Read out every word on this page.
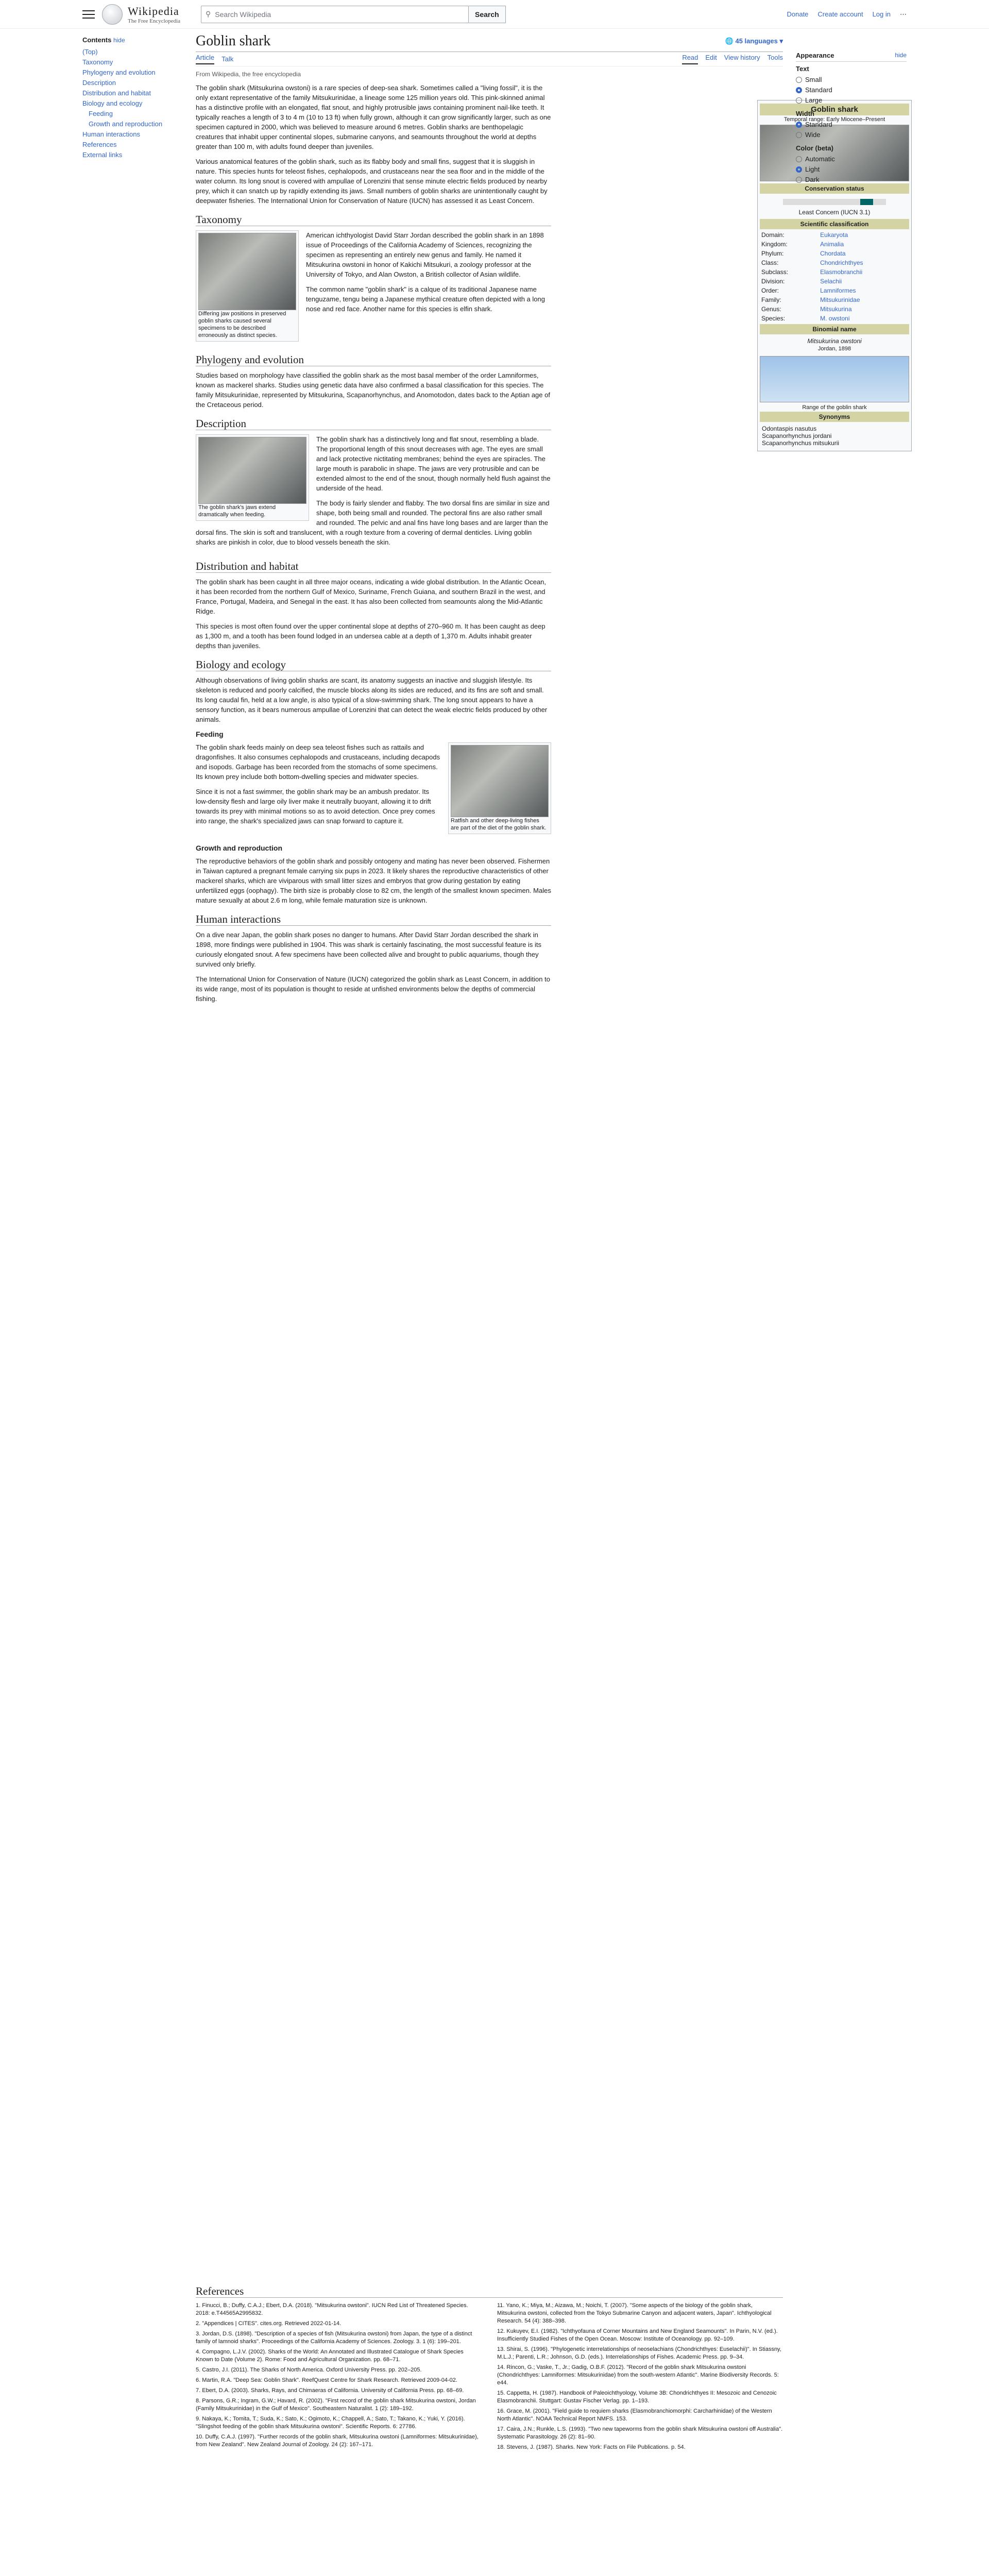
Wikipedia
The Free Encyclopedia
⚲ Search Wikipedia	Search	Donate Create account Log in ⋯
Contents hide
(Top)
Taxonomy
Phylogeny and evolution
Description
Distribution and habitat
Biology and ecology
Feeding
Growth and reproduction
Human interactions
References
External links
Goblin shark	🌐 45 languages ▾
Article Talk	Read Edit View history Tools
From Wikipedia, the free encyclopedia

The goblin shark (Mitsukurina owstoni) is a rare species of deep-sea shark. Sometimes called a "living fossil", it is the only extant representative of the family Mitsukurinidae, a lineage some 125 million years old. This pink-skinned animal has a distinctive profile with an elongated, flat snout, and highly protrusible jaws containing prominent nail-like teeth. It typically reaches a length of 3 to 4 m (10 to 13 ft) when fully grown, although it can grow significantly larger, such as one specimen captured in 2000, which was believed to measure around 6 metres. Goblin sharks are benthopelagic creatures that inhabit upper continental slopes, submarine canyons, and seamounts throughout the world at depths greater than 100 m, with adults found deeper than juveniles.

Various anatomical features of the goblin shark, such as its flabby body and small fins, suggest that it is sluggish in nature. This species hunts for teleost fishes, cephalopods, and crustaceans near the sea floor and in the middle of the water column. Its long snout is covered with ampullae of Lorenzini that sense minute electric fields produced by nearby prey, which it can snatch up by rapidly extending its jaws. Small numbers of goblin sharks are unintentionally caught by deepwater fisheries. The International Union for Conservation of Nature (IUCN) has assessed it as Least Concern.

Taxonomy
Differing jaw positions in preserved goblin sharks caused several specimens to be described erroneously as distinct species.

American ichthyologist David Starr Jordan described the goblin shark in an 1898 issue of Proceedings of the California Academy of Sciences, recognizing the specimen as representing an entirely new genus and family. He named it Mitsukurina owstoni in honor of Kakichi Mitsukuri, a zoology professor at the University of Tokyo, and Alan Owston, a British collector of Asian wildlife.

The common name "goblin shark" is a calque of its traditional Japanese name tenguzame, tengu being a Japanese mythical creature often depicted with a long nose and red face. Another name for this species is elfin shark.

Phylogeny and evolution

Studies based on morphology have classified the goblin shark as the most basal member of the order Lamniformes, known as mackerel sharks. Studies using genetic data have also confirmed a basal classification for this species. The family Mitsukurinidae, represented by Mitsukurina, Scapanorhynchus, and Anomotodon, dates back to the Aptian age of the Cretaceous period.

Description
The goblin shark's jaws extend dramatically when feeding.

The goblin shark has a distinctively long and flat snout, resembling a blade. The proportional length of this snout decreases with age. The eyes are small and lack protective nictitating membranes; behind the eyes are spiracles. The large mouth is parabolic in shape. The jaws are very protrusible and can be extended almost to the end of the snout, though normally held flush against the underside of the head.

The body is fairly slender and flabby. The two dorsal fins are similar in size and shape, both being small and rounded. The pectoral fins are also rather small and rounded. The pelvic and anal fins have long bases and are larger than the dorsal fins. The skin is soft and translucent, with a rough texture from a covering of dermal denticles. Living goblin sharks are pinkish in color, due to blood vessels beneath the skin.

Distribution and habitat

The goblin shark has been caught in all three major oceans, indicating a wide global distribution. In the Atlantic Ocean, it has been recorded from the northern Gulf of Mexico, Suriname, French Guiana, and southern Brazil in the west, and France, Portugal, Madeira, and Senegal in the east. It has also been collected from seamounts along the Mid-Atlantic Ridge.

This species is most often found over the upper continental slope at depths of 270–960 m. It has been caught as deep as 1,300 m, and a tooth has been found lodged in an undersea cable at a depth of 1,370 m. Adults inhabit greater depths than juveniles.

Biology and ecology

Although observations of living goblin sharks are scant, its anatomy suggests an inactive and sluggish lifestyle. Its skeleton is reduced and poorly calcified, the muscle blocks along its sides are reduced, and its fins are soft and small. Its long caudal fin, held at a low angle, is also typical of a slow-swimming shark. The long snout appears to have a sensory function, as it bears numerous ampullae of Lorenzini that can detect the weak electric fields produced by other animals.

Feeding
Ratfish and other deep-living fishes are part of the diet of the goblin shark.

The goblin shark feeds mainly on deep sea teleost fishes such as rattails and dragonfishes. It also consumes cephalopods and crustaceans, including decapods and isopods. Garbage has been recorded from the stomachs of some specimens. Its known prey include both bottom-dwelling species and midwater species.

Since it is not a fast swimmer, the goblin shark may be an ambush predator. Its low-density flesh and large oily liver make it neutrally buoyant, allowing it to drift towards its prey with minimal motions so as to avoid detection. Once prey comes into range, the shark's specialized jaws can snap forward to capture it.

Growth and reproduction

The reproductive behaviors of the goblin shark and possibly ontogeny and mating has never been observed. Fishermen in Taiwan captured a pregnant female carrying six pups in 2023. It likely shares the reproductive characteristics of other mackerel sharks, which are viviparous with small litter sizes and embryos that grow during gestation by eating unfertilized eggs (oophagy). The birth size is probably close to 82 cm, the length of the smallest known specimen. Males mature sexually at about 2.6 m long, while female maturation size is unknown.

Human interactions

On a dive near Japan, the goblin shark poses no danger to humans. After David Starr Jordan described the shark in 1898, more findings were published in 1904. This was shark is certainly fascinating, the most successful feature is its curiously elongated snout. A few specimens have been collected alive and brought to public aquariums, though they survived only briefly.

The International Union for Conservation of Nature (IUCN) categorized the goblin shark as Least Concern, in addition to its wide range, most of its population is thought to reside at unfished environments below the depths of commercial fishing.

Goblin shark
Temporal range: Early Miocene–Present
Conservation status
Least Concern (IUCN 3.1)
Scientific classification
Domain:	Eukaryota
Kingdom:	Animalia
Phylum:	Chordata
Class:	Chondrichthyes
Subclass:	Elasmobranchii
Division:	Selachii
Order:	Lamniformes
Family:	Mitsukurinidae
Genus:	Mitsukurina
Species:	M. owstoni
Binomial name
Mitsukurina owstoni
Jordan, 1898
Range of the goblin shark
Synonyms
Odontaspis nasutus
Scapanorhynchus jordani
Scapanorhynchus mitsukurii
Appearance	hide
Text
Small
Standard
Large
Width
Standard
Wide
Color (beta)
Automatic
Light
Dark
References
1. Finucci, B.; Duffy, C.A.J.; Ebert, D.A. (2018). "Mitsukurina owstoni". IUCN Red List of Threatened Species. 2018: e.T44565A2995832.
2. "Appendices | CITES". cites.org. Retrieved 2022-01-14.
3. Jordan, D.S. (1898). "Description of a species of fish (Mitsukurina owstoni) from Japan, the type of a distinct family of lamnoid sharks". Proceedings of the California Academy of Sciences. Zoology. 3. 1 (6): 199–201.
4. Compagno, L.J.V. (2002). Sharks of the World: An Annotated and Illustrated Catalogue of Shark Species Known to Date (Volume 2). Rome: Food and Agricultural Organization. pp. 68–71.
5. Castro, J.I. (2011). The Sharks of North America. Oxford University Press. pp. 202–205.
6. Martin, R.A. "Deep Sea: Goblin Shark". ReefQuest Centre for Shark Research. Retrieved 2009-04-02.
7. Ebert, D.A. (2003). Sharks, Rays, and Chimaeras of California. University of California Press. pp. 68–69.
8. Parsons, G.R.; Ingram, G.W.; Havard, R. (2002). "First record of the goblin shark Mitsukurina owstoni, Jordan (Family Mitsukurinidae) in the Gulf of Mexico". Southeastern Naturalist. 1 (2): 189–192.
9. Nakaya, K.; Tomita, T.; Suda, K.; Sato, K.; Ogimoto, K.; Chappell, A.; Sato, T.; Takano, K.; Yuki, Y. (2016). "Slingshot feeding of the goblin shark Mitsukurina owstoni". Scientific Reports. 6: 27786.
10. Duffy, C.A.J. (1997). "Further records of the goblin shark, Mitsukurina owstoni (Lamniformes: Mitsukurinidae), from New Zealand". New Zealand Journal of Zoology. 24 (2): 167–171.
11. Yano, K.; Miya, M.; Aizawa, M.; Noichi, T. (2007). "Some aspects of the biology of the goblin shark, Mitsukurina owstoni, collected from the Tokyo Submarine Canyon and adjacent waters, Japan". Ichthyological Research. 54 (4): 388–398.
12. Kukuyev, E.I. (1982). "Ichthyofauna of Corner Mountains and New England Seamounts". In Parin, N.V. (ed.). Insufficiently Studied Fishes of the Open Ocean. Moscow: Institute of Oceanology. pp. 92–109.
13. Shirai, S. (1996). "Phylogenetic interrelationships of neoselachians (Chondrichthyes: Euselachii)". In Stiassny, M.L.J.; Parenti, L.R.; Johnson, G.D. (eds.). Interrelationships of Fishes. Academic Press. pp. 9–34.
14. Rincon, G.; Vaske, T., Jr.; Gadig, O.B.F. (2012). "Record of the goblin shark Mitsukurina owstoni (Chondrichthyes: Lamniformes: Mitsukurinidae) from the south-western Atlantic". Marine Biodiversity Records. 5: e44.
15. Cappetta, H. (1987). Handbook of Paleoichthyology, Volume 3B: Chondrichthyes II: Mesozoic and Cenozoic Elasmobranchii. Stuttgart: Gustav Fischer Verlag. pp. 1–193.
16. Grace, M. (2001). "Field guide to requiem sharks (Elasmobranchiomorphi: Carcharhinidae) of the Western North Atlantic". NOAA Technical Report NMFS. 153.
17. Caira, J.N.; Runkle, L.S. (1993). "Two new tapeworms from the goblin shark Mitsukurina owstoni off Australia". Systematic Parasitology. 26 (2): 81–90.
18. Stevens, J. (1987). Sharks. New York: Facts on File Publications. p. 54.
